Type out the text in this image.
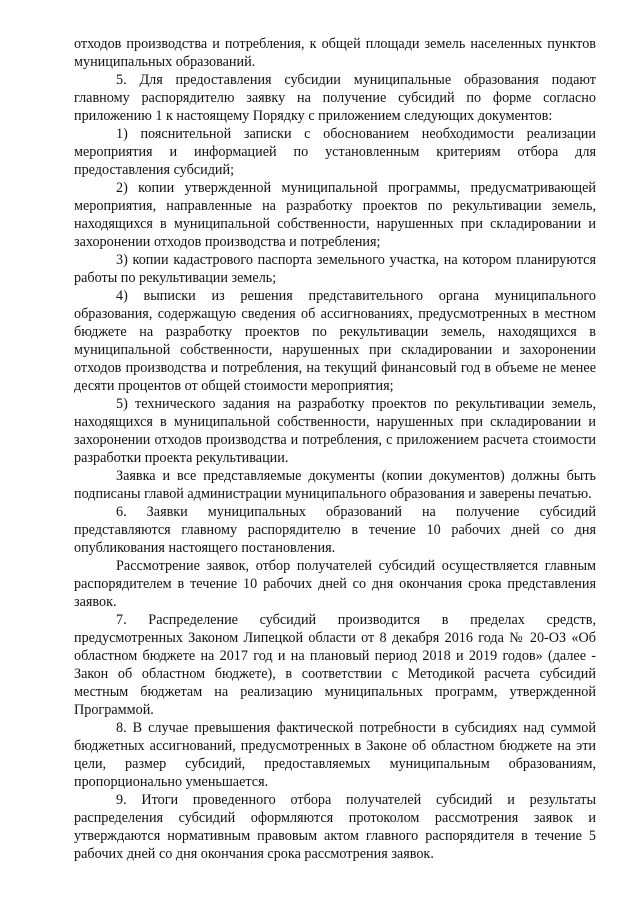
отходов производства и потребления, к общей площади земель населенных пунктов муниципальных образований.

5. Для предоставления субсидии муниципальные образования подают главному распорядителю заявку на получение субсидий по форме согласно приложению 1 к настоящему Порядку с приложением следующих документов:

1) пояснительной записки с обоснованием необходимости реализации мероприятия и информацией по установленным критериям отбора для предоставления субсидий;

2) копии утвержденной муниципальной программы, предусматривающей мероприятия, направленные на разработку проектов по рекультивации земель, находящихся в муниципальной собственности, нарушенных при складировании и захоронении отходов производства и потребления;

3) копии кадастрового паспорта земельного участка, на котором планируются работы по рекультивации земель;

4) выписки из решения представительного органа муниципального образования, содержащую сведения об ассигнованиях, предусмотренных в местном бюджете на разработку проектов по рекультивации земель, находящихся в муниципальной собственности, нарушенных при складировании и захоронении отходов производства и потребления, на текущий финансовый год в объеме не менее десяти процентов от общей стоимости мероприятия;

5) технического задания на разработку проектов по рекультивации земель, находящихся в муниципальной собственности, нарушенных при складировании и захоронении отходов производства и потребления, с приложением расчета стоимости разработки проекта рекультивации.

Заявка и все представляемые документы (копии документов) должны быть подписаны главой администрации муниципального образования и заверены печатью.

6. Заявки муниципальных образований на получение субсидий представляются главному распорядителю в течение 10 рабочих дней со дня опубликования настоящего постановления.

Рассмотрение заявок, отбор получателей субсидий осуществляется главным распорядителем в течение 10 рабочих дней со дня окончания срока представления заявок.

7. Распределение субсидий производится в пределах средств, предусмотренных Законом Липецкой области от 8 декабря 2016 года № 20-ОЗ «Об областном бюджете на 2017 год и на плановый период 2018 и 2019 годов» (далее - Закон об областном бюджете), в соответствии с Методикой расчета субсидий местным бюджетам на реализацию муниципальных программ, утвержденной Программой.

8. В случае превышения фактической потребности в субсидиях над суммой бюджетных ассигнований, предусмотренных в Законе об областном бюджете на эти цели, размер субсидий, предоставляемых муниципальным образованиям, пропорционально уменьшается.

9. Итоги проведенного отбора получателей субсидий и результаты распределения субсидий оформляются протоколом рассмотрения заявок и утверждаются нормативным правовым актом главного распорядителя в течение 5 рабочих дней со дня окончания срока рассмотрения заявок.
